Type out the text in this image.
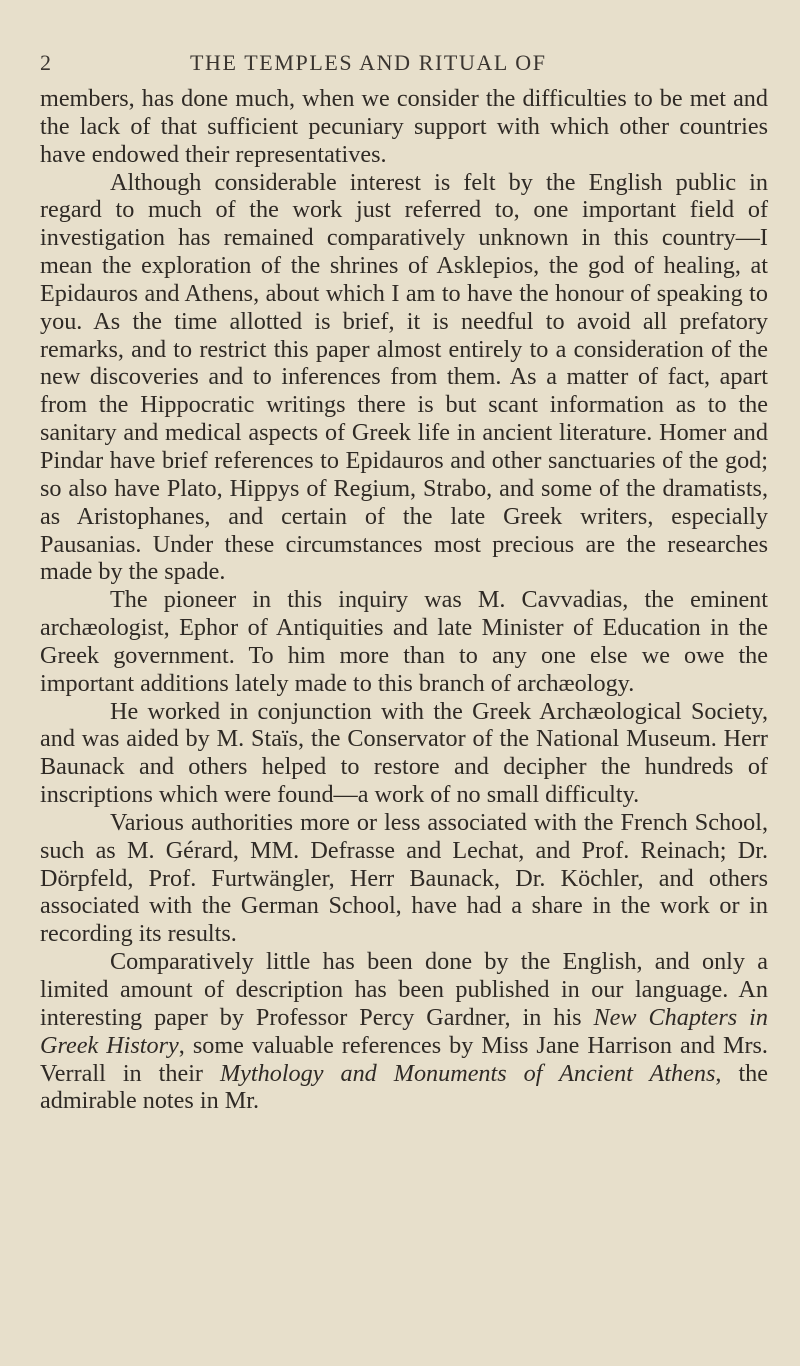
2	THE TEMPLES AND RITUAL OF

members, has done much, when we consider the difficulties to be met and the lack of that sufficient pecuniary support with which other countries have endowed their representatives.

Although considerable interest is felt by the English public in regard to much of the work just referred to, one important field of investigation has remained comparatively unknown in this country—I mean the exploration of the shrines of Asklepios, the god of healing, at Epidauros and Athens, about which I am to have the honour of speaking to you. As the time allotted is brief, it is needful to avoid all prefatory remarks, and to restrict this paper almost entirely to a consideration of the new discoveries and to inferences from them. As a matter of fact, apart from the Hippocratic writings there is but scant information as to the sanitary and medical aspects of Greek life in ancient literature. Homer and Pindar have brief references to Epidauros and other sanctuaries of the god; so also have Plato, Hippys of Regium, Strabo, and some of the dramatists, as Aristophanes, and certain of the late Greek writers, especially Pausanias. Under these circumstances most precious are the researches made by the spade.

The pioneer in this inquiry was M. Cavvadias, the eminent archæologist, Ephor of Antiquities and late Minister of Education in the Greek government. To him more than to any one else we owe the important additions lately made to this branch of archæology.

He worked in conjunction with the Greek Archæological Society, and was aided by M. Staïs, the Conservator of the National Museum. Herr Baunack and others helped to restore and decipher the hundreds of inscriptions which were found—a work of no small difficulty.

Various authorities more or less associated with the French School, such as M. Gérard, MM. Defrasse and Lechat, and Prof. Reinach; Dr. Dörpfeld, Prof. Furtwängler, Herr Baunack, Dr. Köchler, and others associated with the German School, have had a share in the work or in recording its results.

Comparatively little has been done by the English, and only a limited amount of description has been published in our language. An interesting paper by Professor Percy Gardner, in his New Chapters in Greek History, some valuable references by Miss Jane Harrison and Mrs. Verrall in their Mythology and Monuments of Ancient Athens, the admirable notes in Mr.
